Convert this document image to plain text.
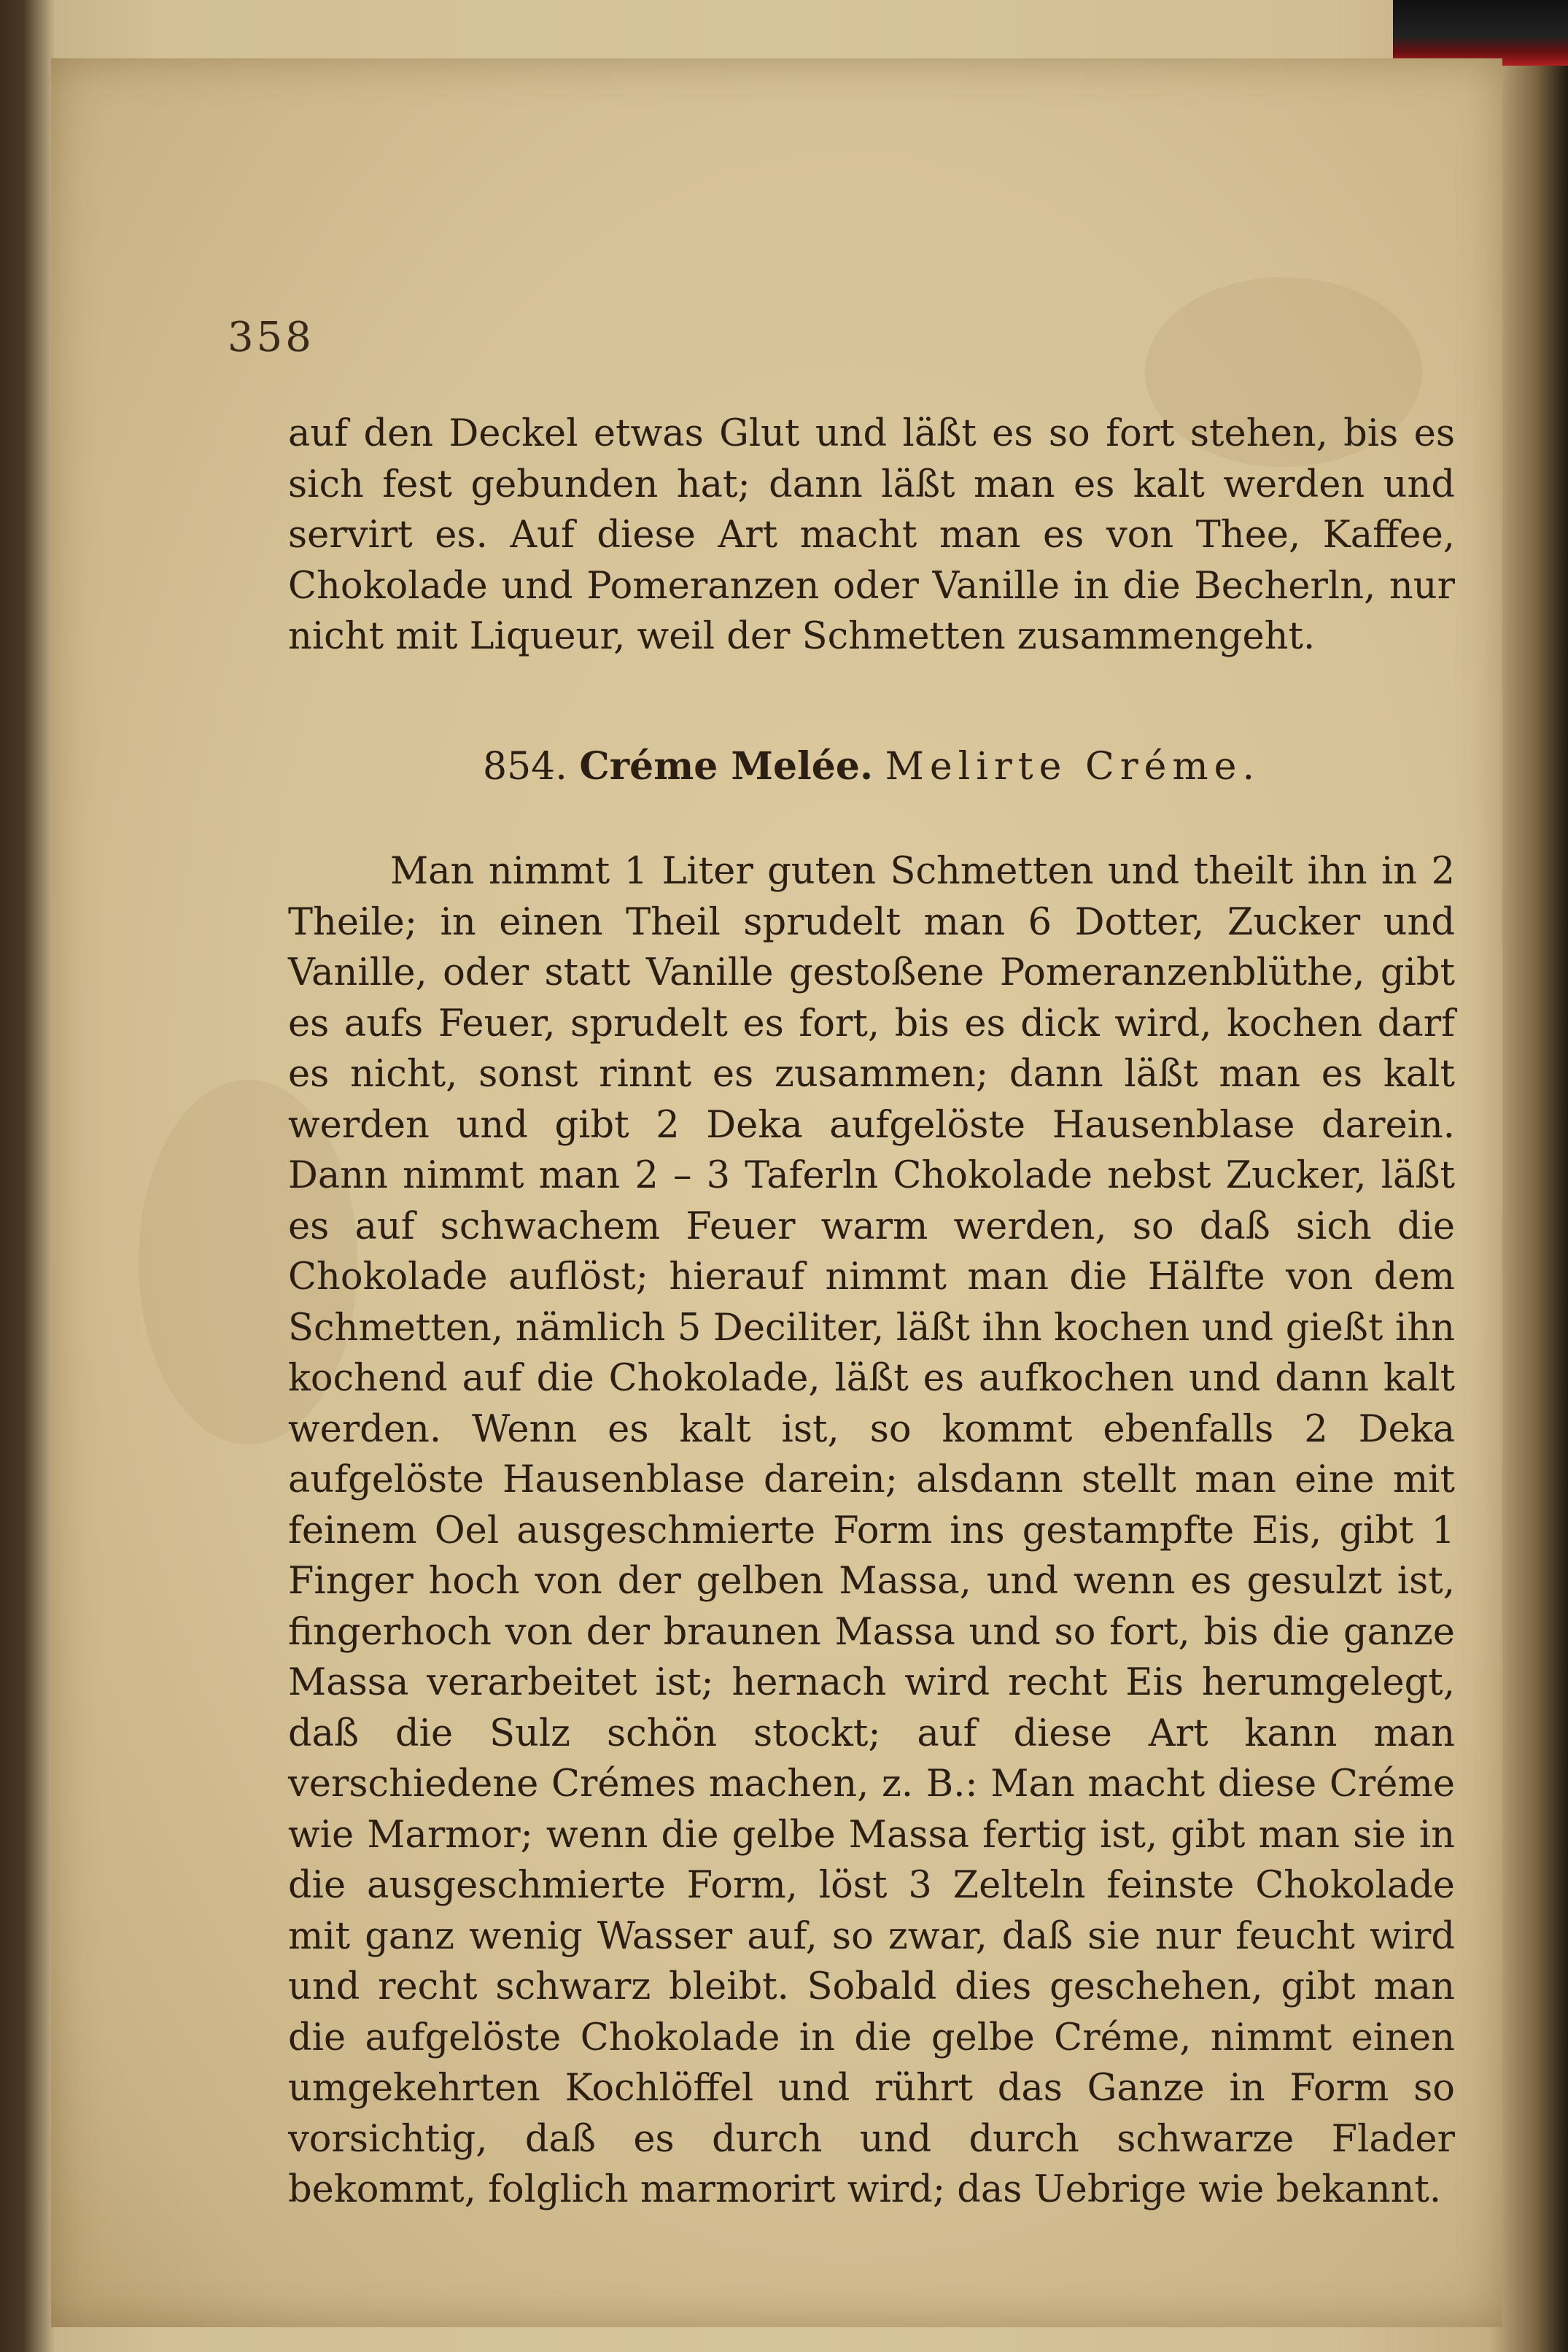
358
auf den Deckel etwas Glut und läßt es so fort stehen, bis es sich fest gebunden hat; dann läßt man es kalt werden und servirt es. Auf diese Art macht man es von Thee, Kaffee, Chokolade und Pomeranzen oder Vanille in die Becherln, nur nicht mit Liqueur, weil der Schmetten zusammengeht.
854. Créme Melée. Melirte Créme.
Man nimmt 1 Liter guten Schmetten und theilt ihn in 2 Theile; in einen Theil sprudelt man 6 Dotter, Zucker und Vanille, oder statt Vanille gestoßene Pomeranzenblüthe, gibt es aufs Feuer, sprudelt es fort, bis es dick wird, kochen darf es nicht, sonst rinnt es zusammen; dann läßt man es kalt werden und gibt 2 Deka aufgelöste Hausenblase darein. Dann nimmt man 2 – 3 Taferln Chokolade nebst Zucker, läßt es auf schwachem Feuer warm werden, so daß sich die Chokolade auflöst; hierauf nimmt man die Hälfte von dem Schmetten, nämlich 5 Deciliter, läßt ihn kochen und gießt ihn kochend auf die Chokolade, läßt es aufkochen und dann kalt werden. Wenn es kalt ist, so kommt ebenfalls 2 Deka aufgelöste Hausenblase darein; alsdann stellt man eine mit feinem Oel ausgeschmierte Form ins gestampfte Eis, gibt 1 Finger hoch von der gelben Massa, und wenn es gesulzt ist, fingerhoch von der braunen Massa und so fort, bis die ganze Massa verarbeitet ist; hernach wird recht Eis herumgelegt, daß die Sulz schön stockt; auf diese Art kann man verschiedene Crémes machen, z. B.: Man macht diese Créme wie Marmor; wenn die gelbe Massa fertig ist, gibt man sie in die ausgeschmierte Form, löst 3 Zelteln feinste Chokolade mit ganz wenig Wasser auf, so zwar, daß sie nur feucht wird und recht schwarz bleibt. Sobald dies geschehen, gibt man die aufgelöste Chokolade in die gelbe Créme, nimmt einen umgekehrten Kochlöffel und rührt das Ganze in Form so vorsichtig, daß es durch und durch schwarze Flader bekommt, folglich marmorirt wird; das Uebrige wie bekannt.
